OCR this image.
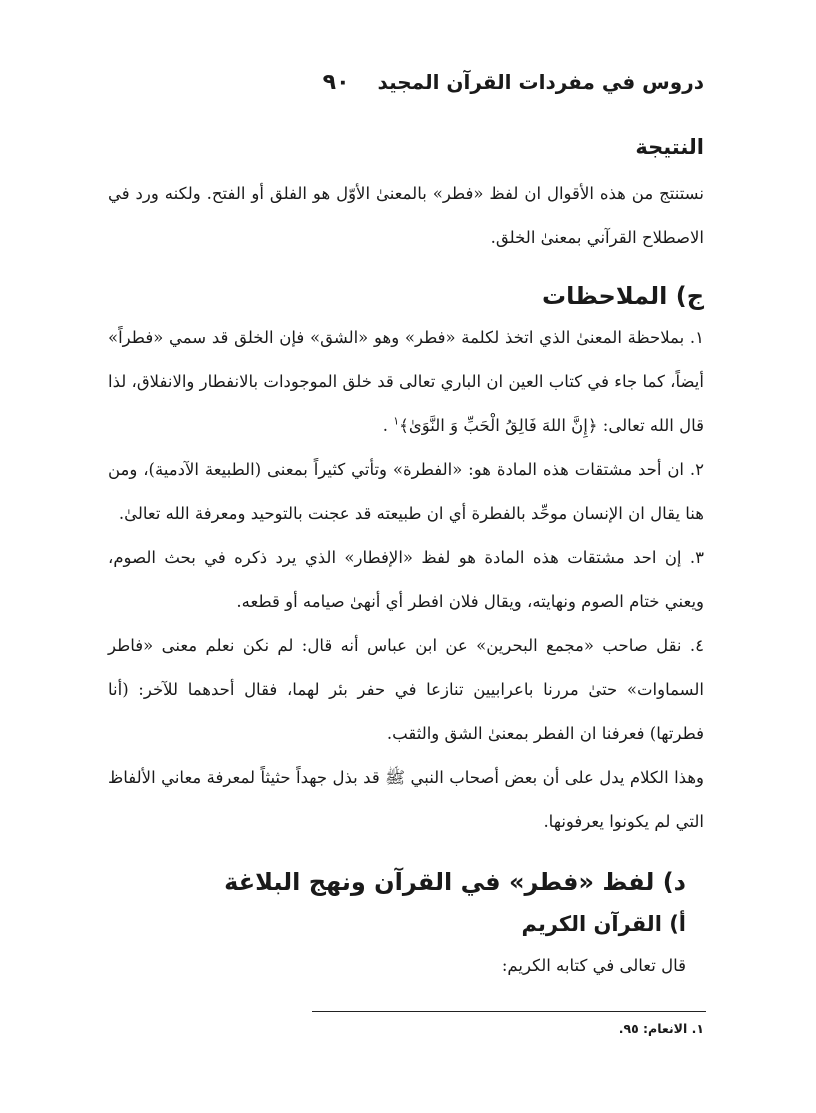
دروس في مفردات القرآن المجيد
٩٠
النتيجة

نستنتج من هذه الأقوال ان لفظ «فطر» بالمعنیٰ الأوّل هو الفلق أو الفتح. ولكنه ورد في الاصطلاح القرآني بمعنیٰ الخلق.

ج) الملاحظات

١. بملاحظة المعنیٰ الذي اتخذ لكلمة «فطر» وهو «الشق» فإن الخلق قد سمي «فطراً» أيضاً، كما جاء في كتاب العين ان الباري تعالى قد خلق الموجودات بالانفطار والانفلاق، لذا قال الله تعالى: ﴿إِنَّ اللهَ فَالِقُ الْحَبِّ وَ النَّوَىٰ﴾$^١$ .

٢. ان أحد مشتقات هذه المادة هو: «الفطرة» وتأتي كثيراً بمعنى (الطبيعة الآدمية)، ومن هنا يقال ان الإنسان موحِّد بالفطرة أي ان طبيعته قد عجنت بالتوحيد ومعرفة الله تعالىٰ.

٣. إن احد مشتقات هذه المادة هو لفظ «الإفطار» الذي يرد ذكره في بحث الصوم، ويعني ختام الصوم ونهايته، ويقال فلان افطر أي أنهیٰ صيامه أو قطعه.

٤. نقل صاحب «مجمع البحرين» عن ابن عباس أنه قال: لم نكن نعلم معنى «فاطر السماوات» حتیٰ مررنا باعرابيين تنازعا في حفر بئر لهما، فقال أحدهما للآخر: (أنا فطرتها) فعرفنا ان الفطر بمعنیٰ الشق والثقب.

وهذا الكلام يدل على أن بعض أصحاب النبي ﷺ قد بذل جهداً حثيثاً لمعرفة معاني الألفاظ التي لم يكونوا يعرفونها.

د) لفظ «فطر» في القرآن ونهج البلاغة
أ) القرآن الكريم

قال تعالى في كتابه الكريم:

١. الانعام: ٩٥.
